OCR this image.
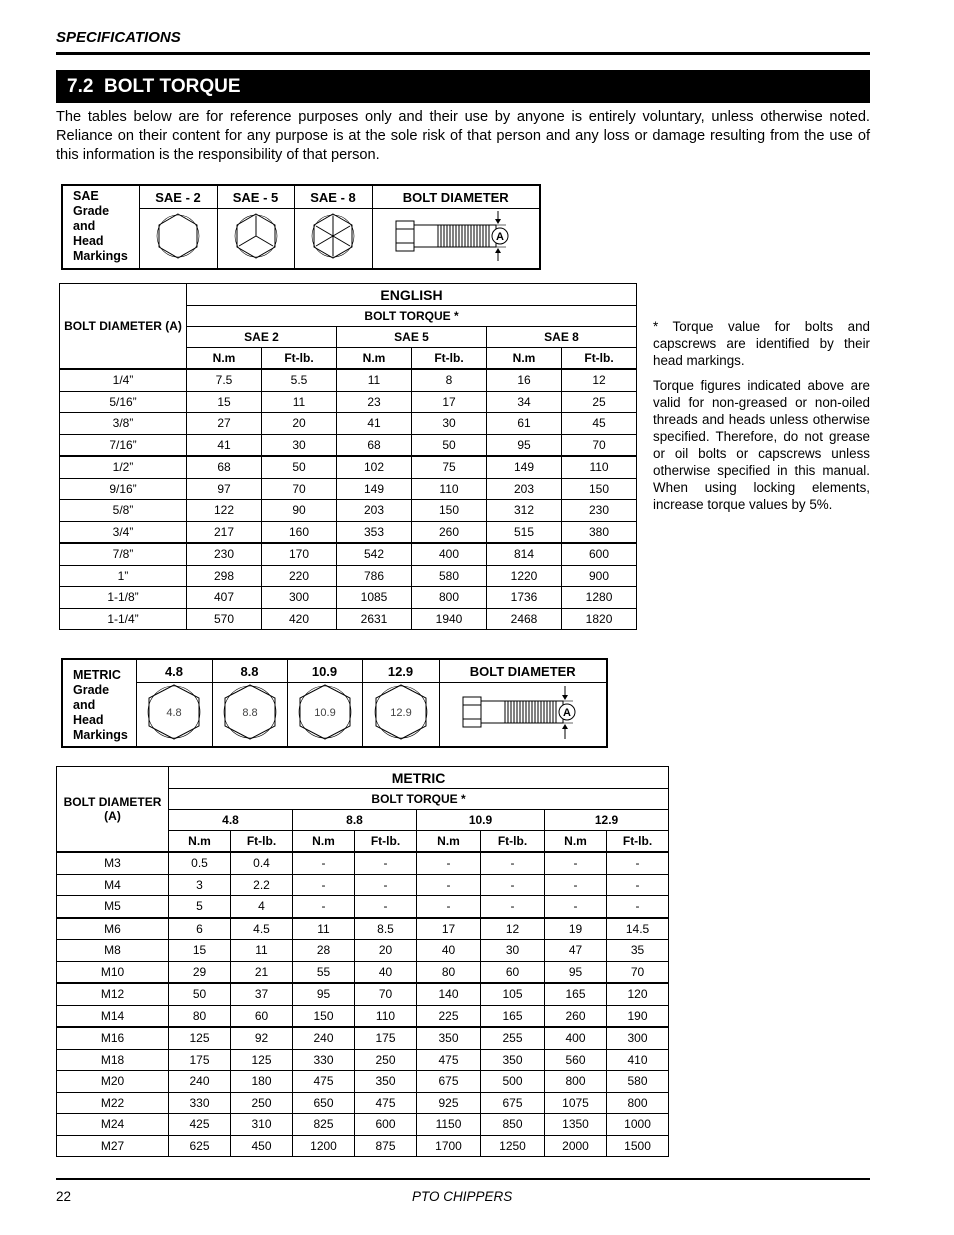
SPECIFICATIONS
7.2  BOLT TORQUE
The tables below are for reference purposes only and their use by anyone is entirely voluntary, unless otherwise noted. Reliance on their content for any purpose is at the sole risk of that person and any loss or damage resulting from the use of this information is the responsibility of that person.
SAE
Grade
and
Head
Markings	SAE - 2	SAE - 5	SAE - 8	BOLT DIAMETER

A
BOLT DIAMETER (A)	ENGLISH					
	BOLT TORQUE *					
	SAE 2		SAE 5		SAE 8	
	N.m	Ft-lb.	N.m	Ft-lb.	N.m	Ft-lb.
1/4”	7.5	5.5	11	8	16	12
5/16”	15	11	23	17	34	25
3/8”	27	20	41	30	61	45
7/16”	41	30	68	50	95	70
1/2”	68	50	102	75	149	110
9/16”	97	70	149	110	203	150
5/8”	122	90	203	150	312	230
3/4”	217	160	353	260	515	380
7/8”	230	170	542	400	814	600
1”	298	220	786	580	1220	900
1-1/8”	407	300	1085	800	1736	1280
1-1/4”	570	420	2631	1940	2468	1820

* Torque value for bolts and capscrews are identified by their head markings.

Torque figures indicated above are valid for non-greased or non-oiled threads and heads unless otherwise specified. Therefore, do not grease or oil bolts or capscrews unless otherwise specified in this manual. When using locking elements, increase torque values by 5%.

METRIC
Grade
and
Head
Markings	4.8	8.8	10.9	12.9	BOLT DIAMETER

4.8	8.8	10.9	12.9	A
BOLT DIAMETER (A)	METRIC							
	BOLT TORQUE *							
	4.8		8.8		10.9		12.9	
	N.m	Ft-lb.	N.m	Ft-lb.	N.m	Ft-lb.	N.m	Ft-lb.
M3	0.5	0.4	-	-	-	-	-	-
M4	3	2.2	-	-	-	-	-	-
M5	5	4	-	-	-	-	-	-
M6	6	4.5	11	8.5	17	12	19	14.5
M8	15	11	28	20	40	30	47	35
M10	29	21	55	40	80	60	95	70
M12	50	37	95	70	140	105	165	120
M14	80	60	150	110	225	165	260	190
M16	125	92	240	175	350	255	400	300
M18	175	125	330	250	475	350	560	410
M20	240	180	475	350	675	500	800	580
M22	330	250	650	475	925	675	1075	800
M24	425	310	825	600	1150	850	1350	1000
M27	625	450	1200	875	1700	1250	2000	1500
22	PTO CHIPPERS
